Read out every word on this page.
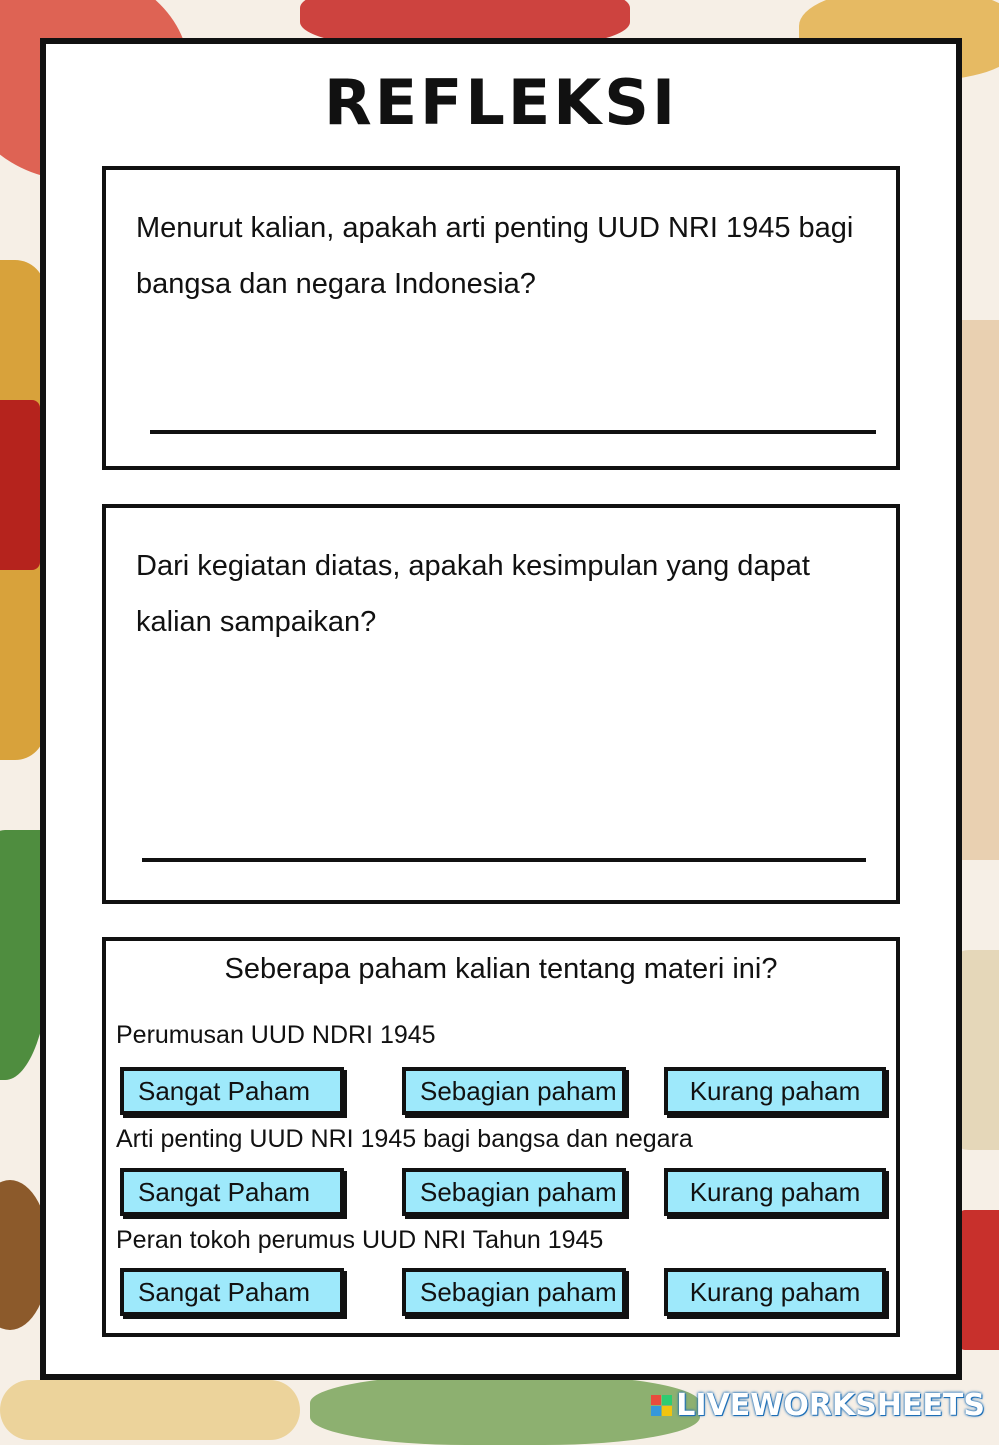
REFLEKSI
Menurut kalian, apakah arti penting UUD NRI 1945 bagi bangsa dan negara Indonesia?
Dari kegiatan diatas, apakah kesimpulan yang dapat kalian sampaikan?
Seberapa paham kalian tentang materi ini?
Perumusan UUD NDRI 1945
Sangat Paham	Sebagian paham	Kurang paham
Arti penting UUD NRI 1945 bagi bangsa dan negara
Sangat Paham	Sebagian paham	Kurang paham
Peran tokoh perumus UUD NRI Tahun 1945
Sangat Paham	Sebagian paham	Kurang paham
LIVEWORKSHEETS
